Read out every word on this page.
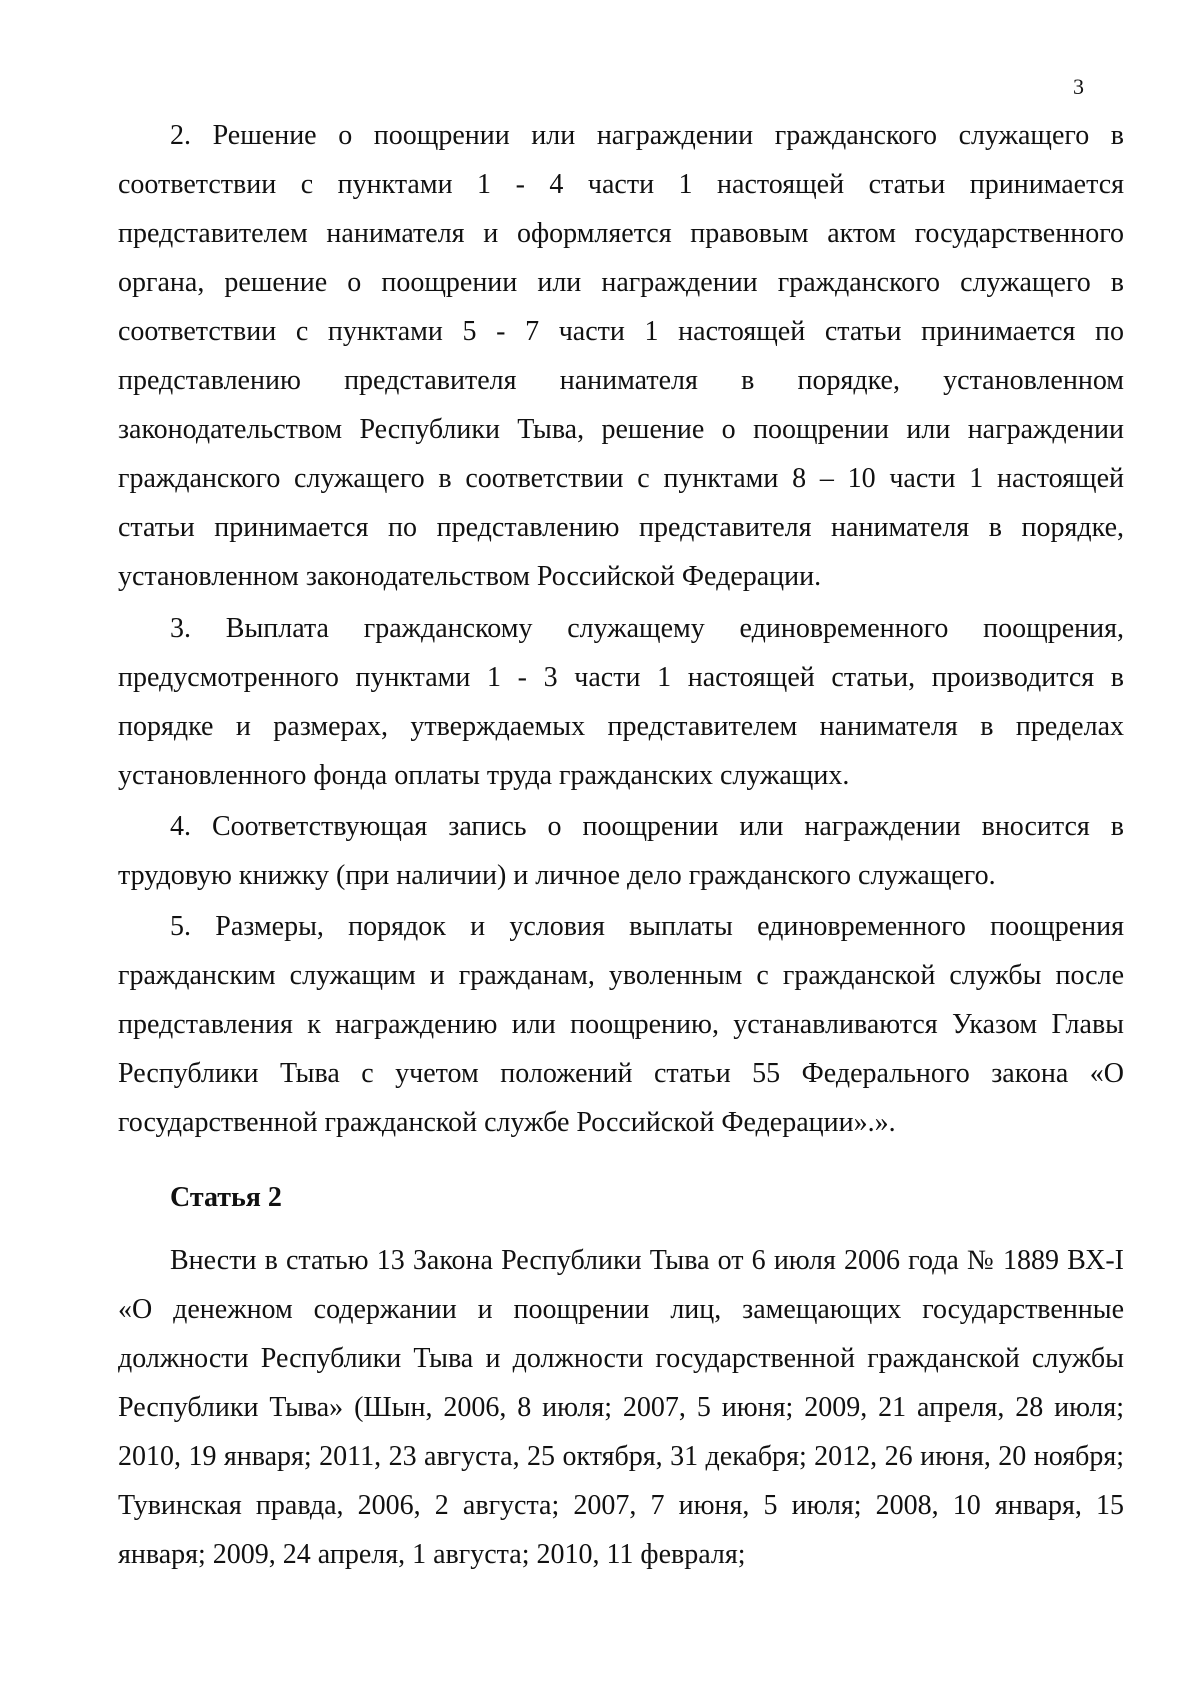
3

2. Решение о поощрении или награждении гражданского служащего в соответствии с пунктами 1 - 4 части 1 настоящей статьи принимается представителем нанимателя и оформляется правовым актом государственного органа, решение о поощрении или награждении гражданского служащего в соответствии с пунктами 5 - 7 части 1 настоящей статьи принимается по представлению представителя нанимателя в порядке, установленном законодательством Республики Тыва, решение о поощрении или награждении гражданского служащего в соответствии с пунктами 8 – 10 части 1 настоящей статьи принимается по представлению представителя нанимателя в порядке, установленном законодательством Российской Федерации.

3. Выплата гражданскому служащему единовременного поощрения, предусмотренного пунктами 1 - 3 части 1 настоящей статьи, производится в порядке и размерах, утверждаемых представителем нанимателя в пределах установленного фонда оплаты труда гражданских служащих.

4. Соответствующая запись о поощрении или награждении вносится в трудовую книжку (при наличии) и личное дело гражданского служащего.

5. Размеры, порядок и условия выплаты единовременного поощрения гражданским служащим и гражданам, уволенным с гражданской службы после представления к награждению или поощрению, устанавливаются Указом Главы Республики Тыва с учетом положений статьи 55 Федерального закона «О государственной гражданской службе Российской Федерации».».

Статья 2

Внести в статью 13 Закона Республики Тыва от 6 июля 2006 года № 1889 ВХ-I «О денежном содержании и поощрении лиц, замещающих государственные должности Республики Тыва и должности государственной гражданской службы Республики Тыва» (Шын, 2006, 8 июля; 2007, 5 июня; 2009, 21 апреля, 28 июля; 2010, 19 января; 2011, 23 августа, 25 октября, 31 декабря; 2012, 26 июня, 20 ноября; Тувинская правда, 2006, 2 августа; 2007, 7 июня, 5 июля; 2008, 10 января, 15 января; 2009, 24 апреля, 1 августа; 2010, 11 февраля;
